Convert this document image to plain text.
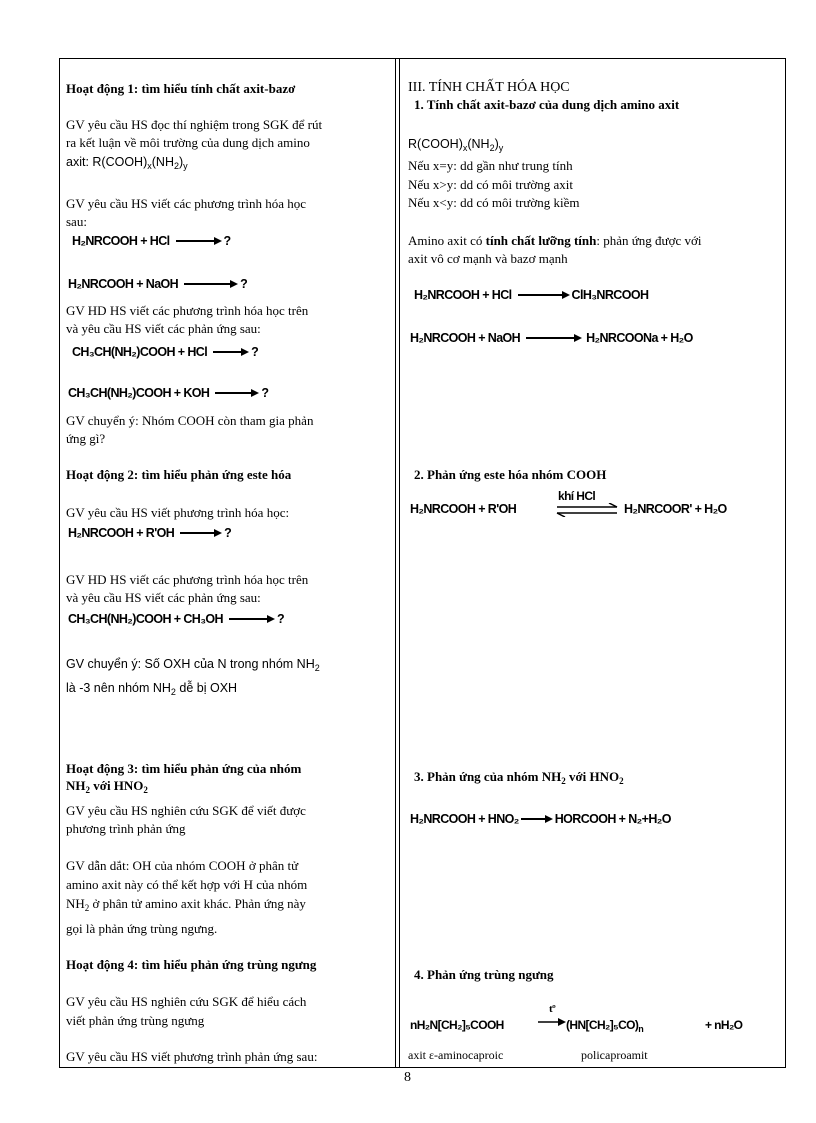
Hoạt động 1: tìm hiểu tính chất axit-bazơ
GV yêu cầu HS đọc thí nghiệm trong SGK để rút
ra kết luận về môi trường của dung dịch amino
axit: $R(COOH)_x(NH_2)_y$
GV yêu cầu HS viết các phương trình hóa học
sau:
H₂NRCOOH + HCl	?
H₂NRCOOH + NaOH	?
GV HD HS viết các phương trình hóa học trên
và yêu cầu HS viết các phản ứng sau:
CH₃CH(NH₂)COOH + HCl	?
CH₃CH(NH₂)COOH + KOH	?
GV chuyển ý: Nhóm COOH còn tham gia phản
ứng gì?
Hoạt động 2: tìm hiểu phản ứng este hóa
GV yêu cầu HS viết phương trình hóa học:
H₂NRCOOH + R'OH	?
GV HD HS viết các phương trình hóa học trên
và yêu cầu HS viết các phản ứng sau:
CH₃CH(NH₂)COOH + CH₃OH	?
GV chuyển ý: Số OXH của N trong nhóm $NH_2$
là -3 nên nhóm $NH_2$ dễ bị OXH
Hoạt động 3: tìm hiểu phản ứng của nhóm
$NH_2$ với $HNO_2$
GV yêu cầu HS nghiên cứu SGK để viết được
phương trình phản ứng
GV dẫn dắt: OH của nhóm COOH ở phân tử
amino axit này có thể kết hợp với H của nhóm
$NH_2$ ở phân tử amino axit khác. Phản ứng này
gọi là phản ứng trùng ngưng.
Hoạt động 4: tìm hiểu phản ứng trùng ngưng
GV yêu cầu HS nghiên cứu SGK để hiểu cách
viết phản ứng trùng ngưng
GV yêu cầu HS viết phương trình phản ứng sau:
III. TÍNH CHẤT HÓA HỌC
1. Tính chất axit-bazơ của dung dịch amino axit
$R(COOH)_x(NH_2)_y$
Nếu x=y: dd gần như trung tính
Nếu x>y: dd có môi trường axit
Nếu x<y: dd có môi trường kiềm
Amino axit có tính chất lưỡng tính: phản ứng được với
axit vô cơ mạnh và bazơ mạnh
H₂NRCOOH + HCl	ClH₃NRCOOH
H₂NRCOOH + NaOH	H₂NRCOONa + H₂O
2. Phản ứng este hóa nhóm COOH
H₂NRCOOH + R'OH
khí HCl
H₂NRCOOR' + H₂O
3. Phản ứng của nhóm $NH_2$ với $HNO_2$
H₂NRCOOH + HNO₂	HORCOOH + N₂+H₂O
4. Phản ứng trùng ngưng
nH₂N[CH₂]₅COOH
tº
$(HN[CH_2]_5CO)_n$	+ nH₂O
axit ε-aminocaproic	policaproamit
8
